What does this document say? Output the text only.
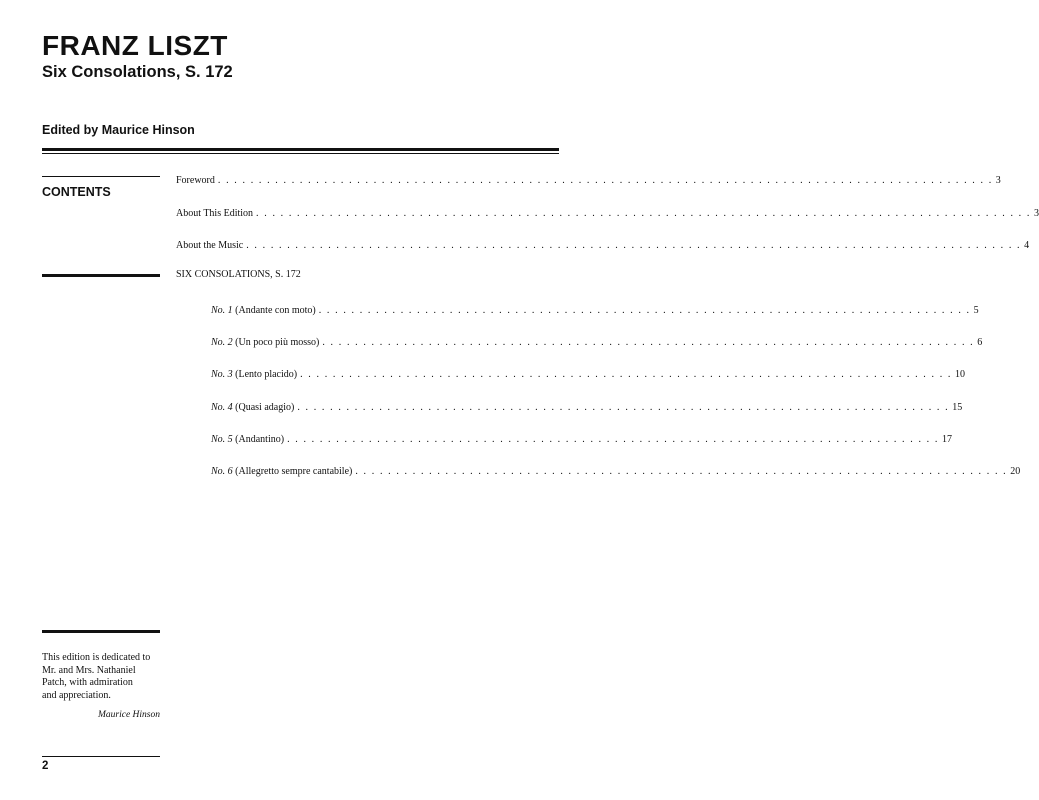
FRANZ LISZT
Six Consolations, S. 172
Edited by Maurice Hinson
CONTENTS
Foreword . . . . . . . . . . . . . . . . . . . . . . . . . . . . . . . . . . . . . . . . . . . . . . . . . . . . . . . . . . . . . . . . . . . . . . . . . . . . . . . . . . . . . . . . . . . . . . . 3
About This Edition . . . . . . . . . . . . . . . . . . . . . . . . . . . . . . . . . . . . . . . . . . . . . . . . . . . . . . . . . . . . . . . . . . . . . . . . . . . . . . . . . . . . . . . . . . . . . . . 3
About the Music . . . . . . . . . . . . . . . . . . . . . . . . . . . . . . . . . . . . . . . . . . . . . . . . . . . . . . . . . . . . . . . . . . . . . . . . . . . . . . . . . . . . . . . . . . . . . . . 4
SIX CONSOLATIONS, S. 172
No. 1 (Andante con moto) . . . . . . . . . . . . . . . . . . . . . . . . . . . . . . . . . . . . . . . . . . . . . . . . . . . . . . . . . . . . . . . . . . . . . . . . . . . . . . . . 5
No. 2 (Un poco più mosso) . . . . . . . . . . . . . . . . . . . . . . . . . . . . . . . . . . . . . . . . . . . . . . . . . . . . . . . . . . . . . . . . . . . . . . . . . . . . . . . . 6
No. 3 (Lento placido) . . . . . . . . . . . . . . . . . . . . . . . . . . . . . . . . . . . . . . . . . . . . . . . . . . . . . . . . . . . . . . . . . . . . . . . . . . . . . . . . 10
No. 4 (Quasi adagio) . . . . . . . . . . . . . . . . . . . . . . . . . . . . . . . . . . . . . . . . . . . . . . . . . . . . . . . . . . . . . . . . . . . . . . . . . . . . . . . . 15
No. 5 (Andantino) . . . . . . . . . . . . . . . . . . . . . . . . . . . . . . . . . . . . . . . . . . . . . . . . . . . . . . . . . . . . . . . . . . . . . . . . . . . . . . . . 17
No. 6 (Allegretto sempre cantabile) . . . . . . . . . . . . . . . . . . . . . . . . . . . . . . . . . . . . . . . . . . . . . . . . . . . . . . . . . . . . . . . . . . . . . . . . . . . . . . . . 20

This edition is dedicated to

Mr. and Mrs. Nathaniel

Patch, with admiration

and appreciation.

Maurice Hinson
2
